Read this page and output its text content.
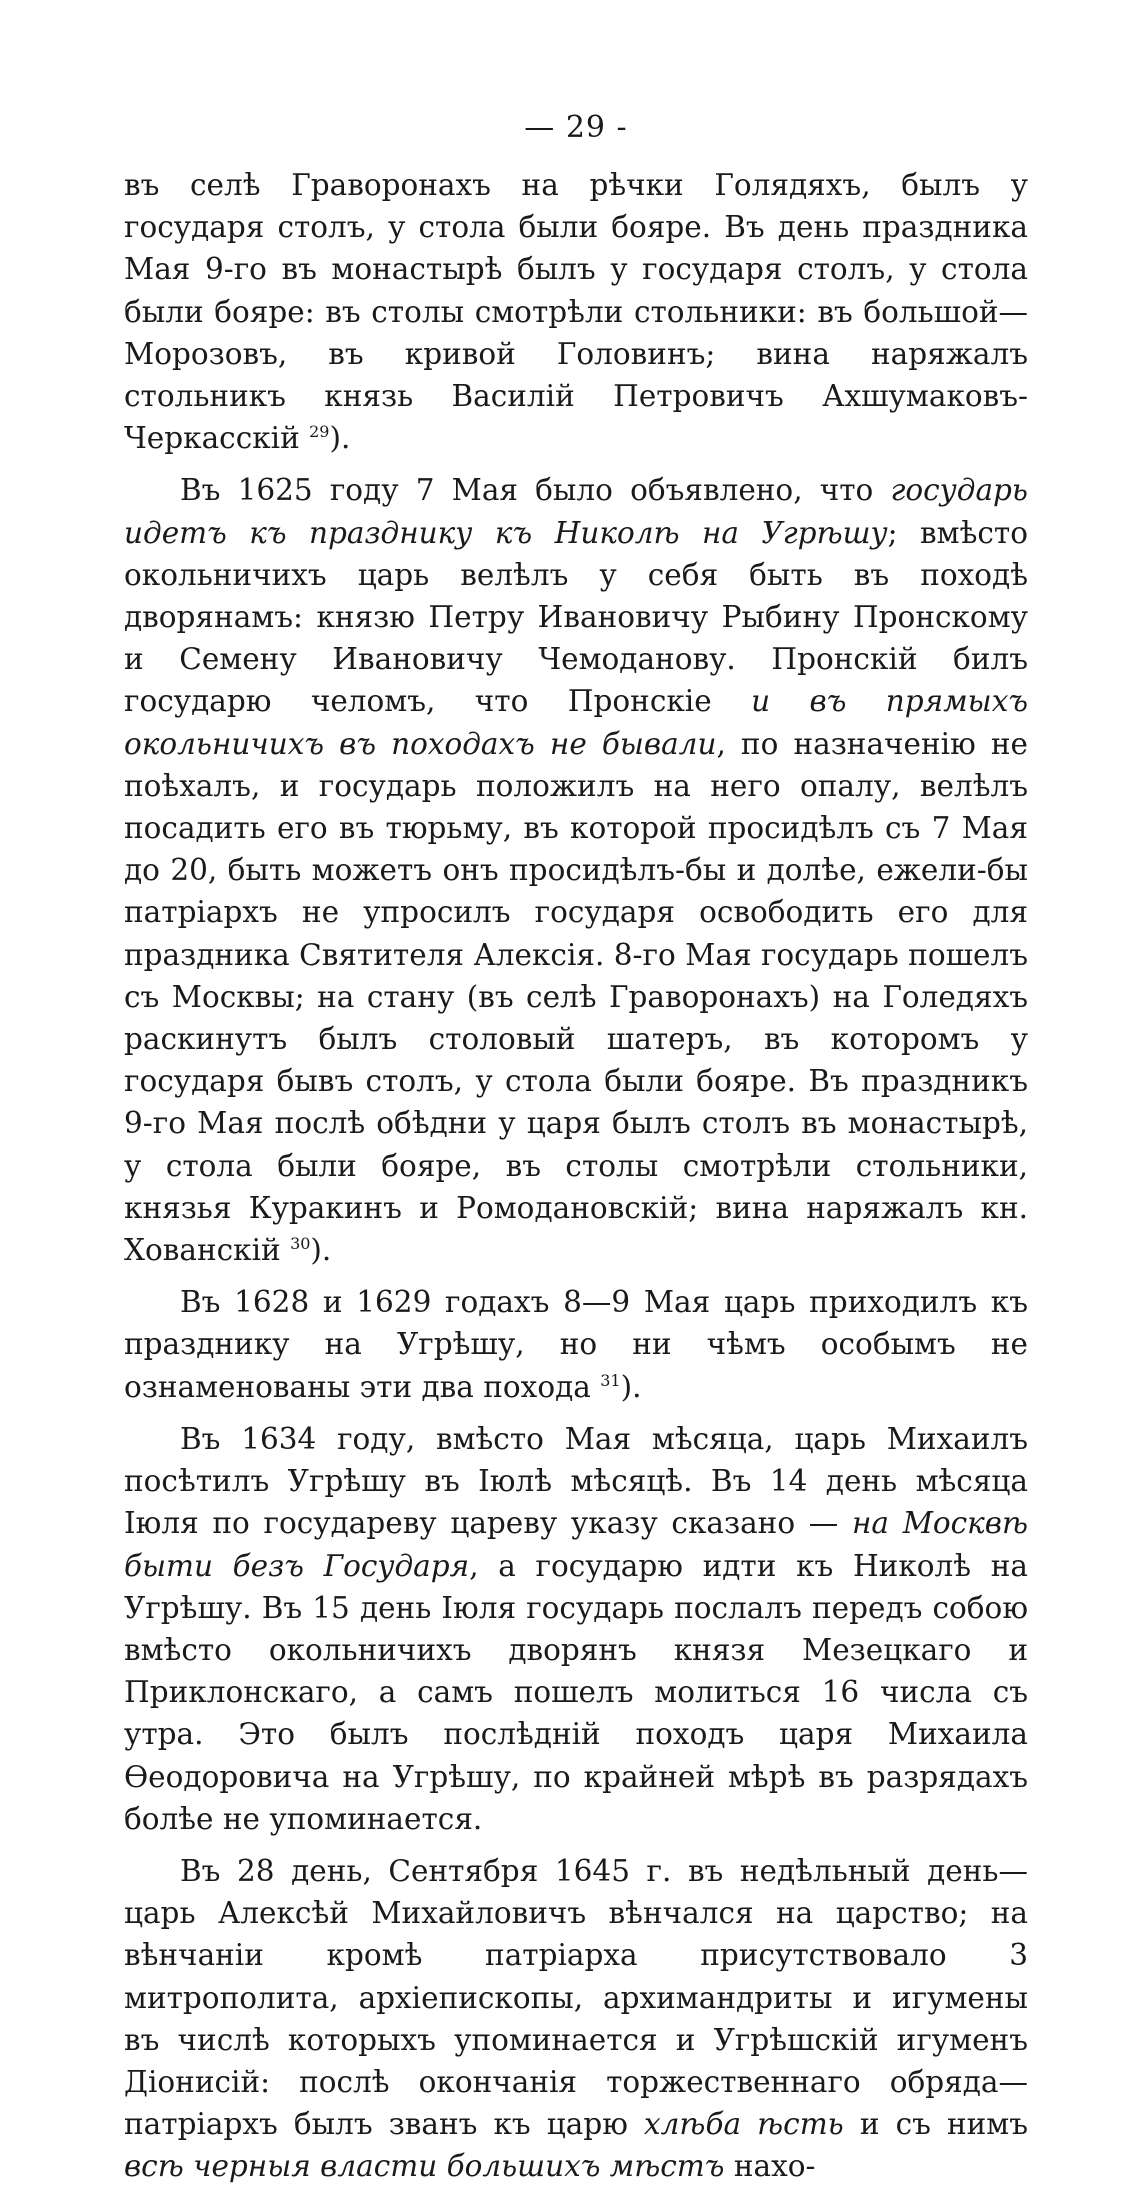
— 29 -

въ селѣ Граворонахъ на рѣчки Голядяхъ, былъ у государя столъ, у стола были бояре. Въ день праздника Мая 9-го въ монастырѣ былъ у государя столъ, у стола были бояре: въ столы смотрѣли стольники: въ большой—Морозовъ, въ кривой Головинъ; вина наряжалъ стольникъ князь Василій Петровичъ Ахшумаковъ-Черкасскій $^{29}$).

Въ 1625 году 7 Мая было объявлено, что государь идетъ къ празднику къ Николѣ на Угрѣшу; вмѣсто окольничихъ царь велѣлъ у себя быть въ походѣ дворянамъ: князю Петру Ивановичу Рыбину Пронскому и Семену Ивановичу Чемоданову. Пронскій билъ государю челомъ, что Пронскіе и въ прямыхъ окольничихъ въ походахъ не бывали, по назначенію не поѣхалъ, и государь положилъ на него опалу, велѣлъ посадить его въ тюрьму, въ которой просидѣлъ съ 7 Мая до 20, быть можетъ онъ просидѣлъ-бы и долѣе, ежели-бы патріархъ не упросилъ государя освободить его для праздника Святителя Алексія. 8-го Мая государь пошелъ съ Москвы; на стану (въ селѣ Граворонахъ) на Голедяхъ раскинутъ былъ столовый шатеръ, въ которомъ у государя бывъ столъ, у стола были бояре. Въ праздникъ 9-го Мая послѣ обѣдни у царя былъ столъ въ монастырѣ, у стола были бояре, въ столы смотрѣли стольники, князья Куракинъ и Ромодановскій; вина наряжалъ кн. Хованскій $^{30}$).

Въ 1628 и 1629 годахъ 8—9 Мая царь приходилъ къ празднику на Угрѣшу, но ни чѣмъ особымъ не ознаменованы эти два похода $^{31}$).

Въ 1634 году, вмѣсто Мая мѣсяца, царь Михаилъ посѣтилъ Угрѣшу въ Іюлѣ мѣсяцѣ. Въ 14 день мѣсяца Іюля по государеву цареву указу сказано — на Москвѣ быти безъ Государя, а государю идти къ Николѣ на Угрѣшу. Въ 15 день Іюля государь послалъ передъ собою вмѣсто окольничихъ дворянъ князя Мезецкаго и Приклонскаго, а самъ пошелъ молиться 16 числа съ утра. Это былъ послѣдній походъ царя Михаила Ѳеодоровича на Угрѣшу, по крайней мѣрѣ въ разрядахъ болѣе не упоминается.

Въ 28 день, Сентября 1645 г. въ недѣльный день—царь Алексѣй Михайловичъ вѣнчался на царство; на вѣнчаніи кромѣ патріарха присутствовало 3 митрополита, архіепископы, архимандриты и игумены въ числѣ которыхъ упоминается и Угрѣшскій игуменъ Діонисій: послѣ окончанія торжественнаго обряда—патріархъ былъ званъ къ царю хлѣба ѣсть и съ нимъ всѣ черныя власти большихъ мѣстъ нахо-
